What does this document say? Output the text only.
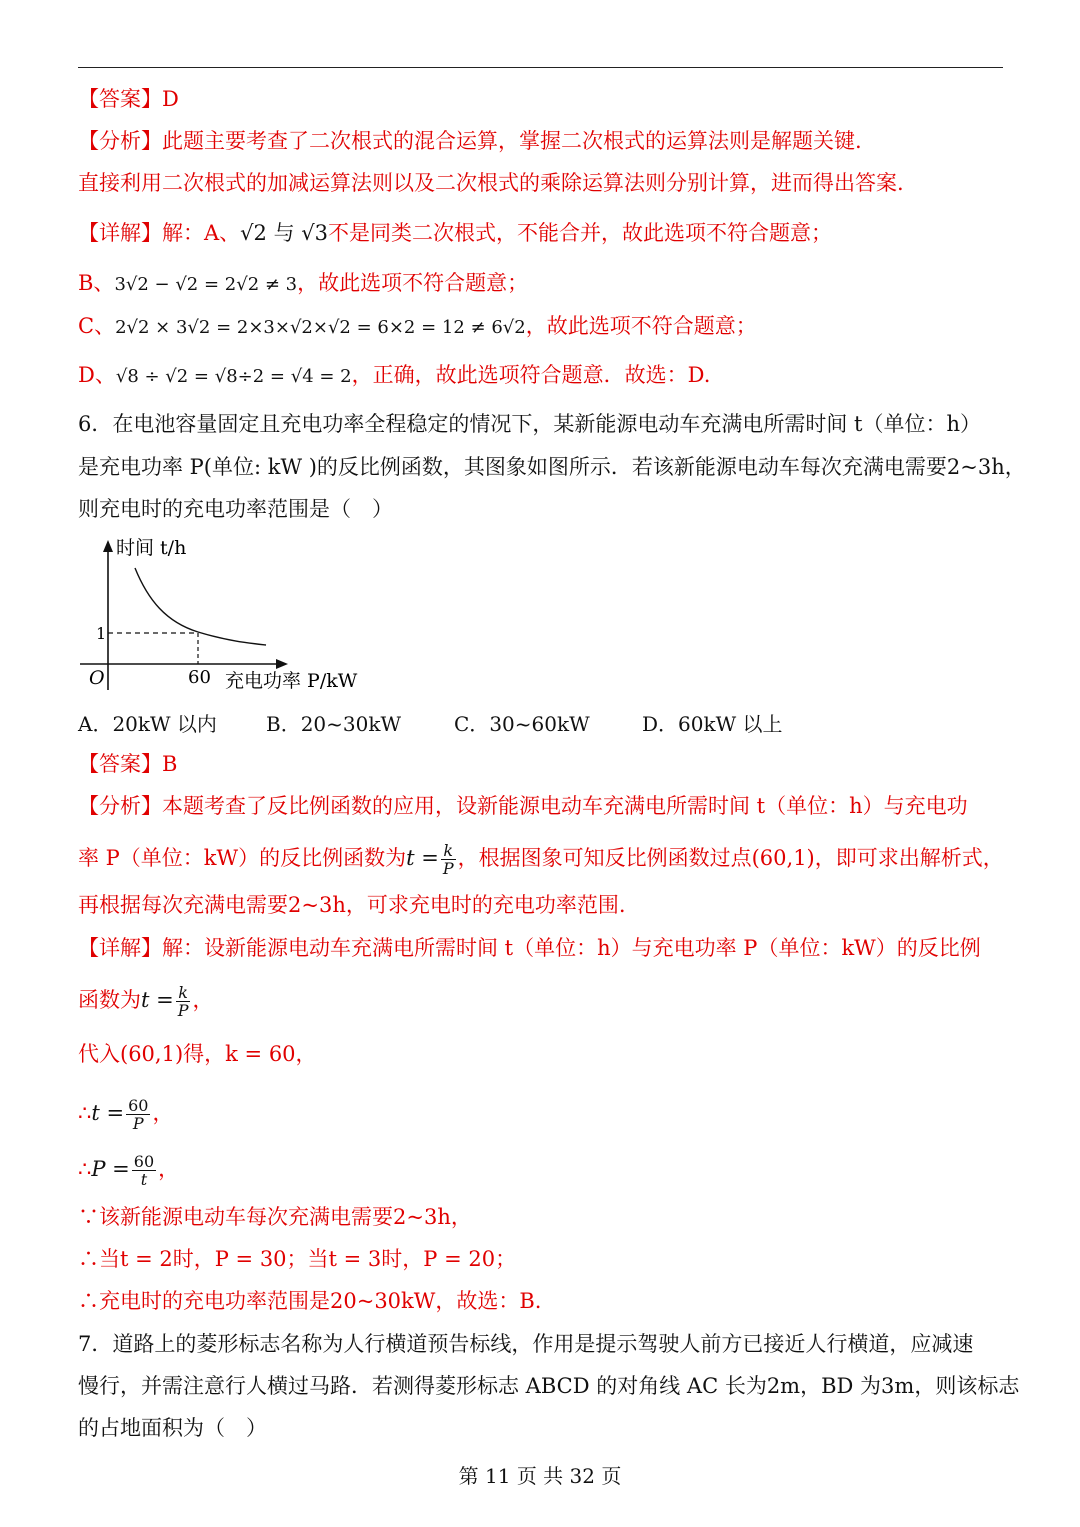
【答案】D
【分析】此题主要考查了二次根式的混合运算，掌握二次根式的运算法则是解题关键.
直接利用二次根式的加减运算法则以及二次根式的乘除运算法则分别计算，进而得出答案.
【详解】解：A、√2 与 √3不是同类二次根式，不能合并，故此选项不符合题意；
B、3√2 − √2 = 2√2 ≠ 3，故此选项不符合题意；
C、2√2 × 3√2 = 2×3×√2×√2 = 6×2 = 12 ≠ 6√2，故此选项不符合题意；
D、√8 ÷ √2 = √8÷2 = √4 = 2，正确，故此选项符合题意．故选：D.
6．在电池容量固定且充电功率全程稳定的情况下，某新能源电动车充满电所需时间 t（单位：h）
是充电功率 P(单位: kW )的反比例函数，其图象如图所示．若该新能源电动车每次充满电需要2~3h，
则充电时的充电功率范围是（　）
时间 t/h
O
1
60 充电功率 P/kW
A．20kW 以内 B．20~30kW	C．30~60kW	D．60kW 以上
【答案】B
【分析】本题考查了反比例函数的应用，设新能源电动车充满电所需时间 t（单位：h）与充电功
率 P（单位：kW）的反比例函数为$t = \frac{k}{P}$ ，根据图象可知反比例函数过点(60,1)，即可求出解析式，
再根据每次充满电需要2~3h，可求充电时的充电功率范围.
【详解】解：设新能源电动车充满电所需时间 t（单位：h）与充电功率 P（单位：kW）的反比例
函数为$t = \frac{k}{P}$ ，
代入(60,1)得，k = 60，
∴t = $\frac{60}{P}$ ，
∴P = $\frac{60}{t}$ ，
∵该新能源电动车每次充满电需要2~3h，
∴当t = 2时，P = 30；当t = 3时，P = 20；
∴充电时的充电功率范围是20~30kW，故选：B.
7．道路上的菱形标志名称为人行横道预告标线，作用是提示驾驶人前方已接近人行横道，应减速
慢行，并需注意行人横过马路．若测得菱形标志 ABCD 的对角线 AC 长为2m，BD 为3m，则该标志
的占地面积为（　）
第 11 页 共 32 页
